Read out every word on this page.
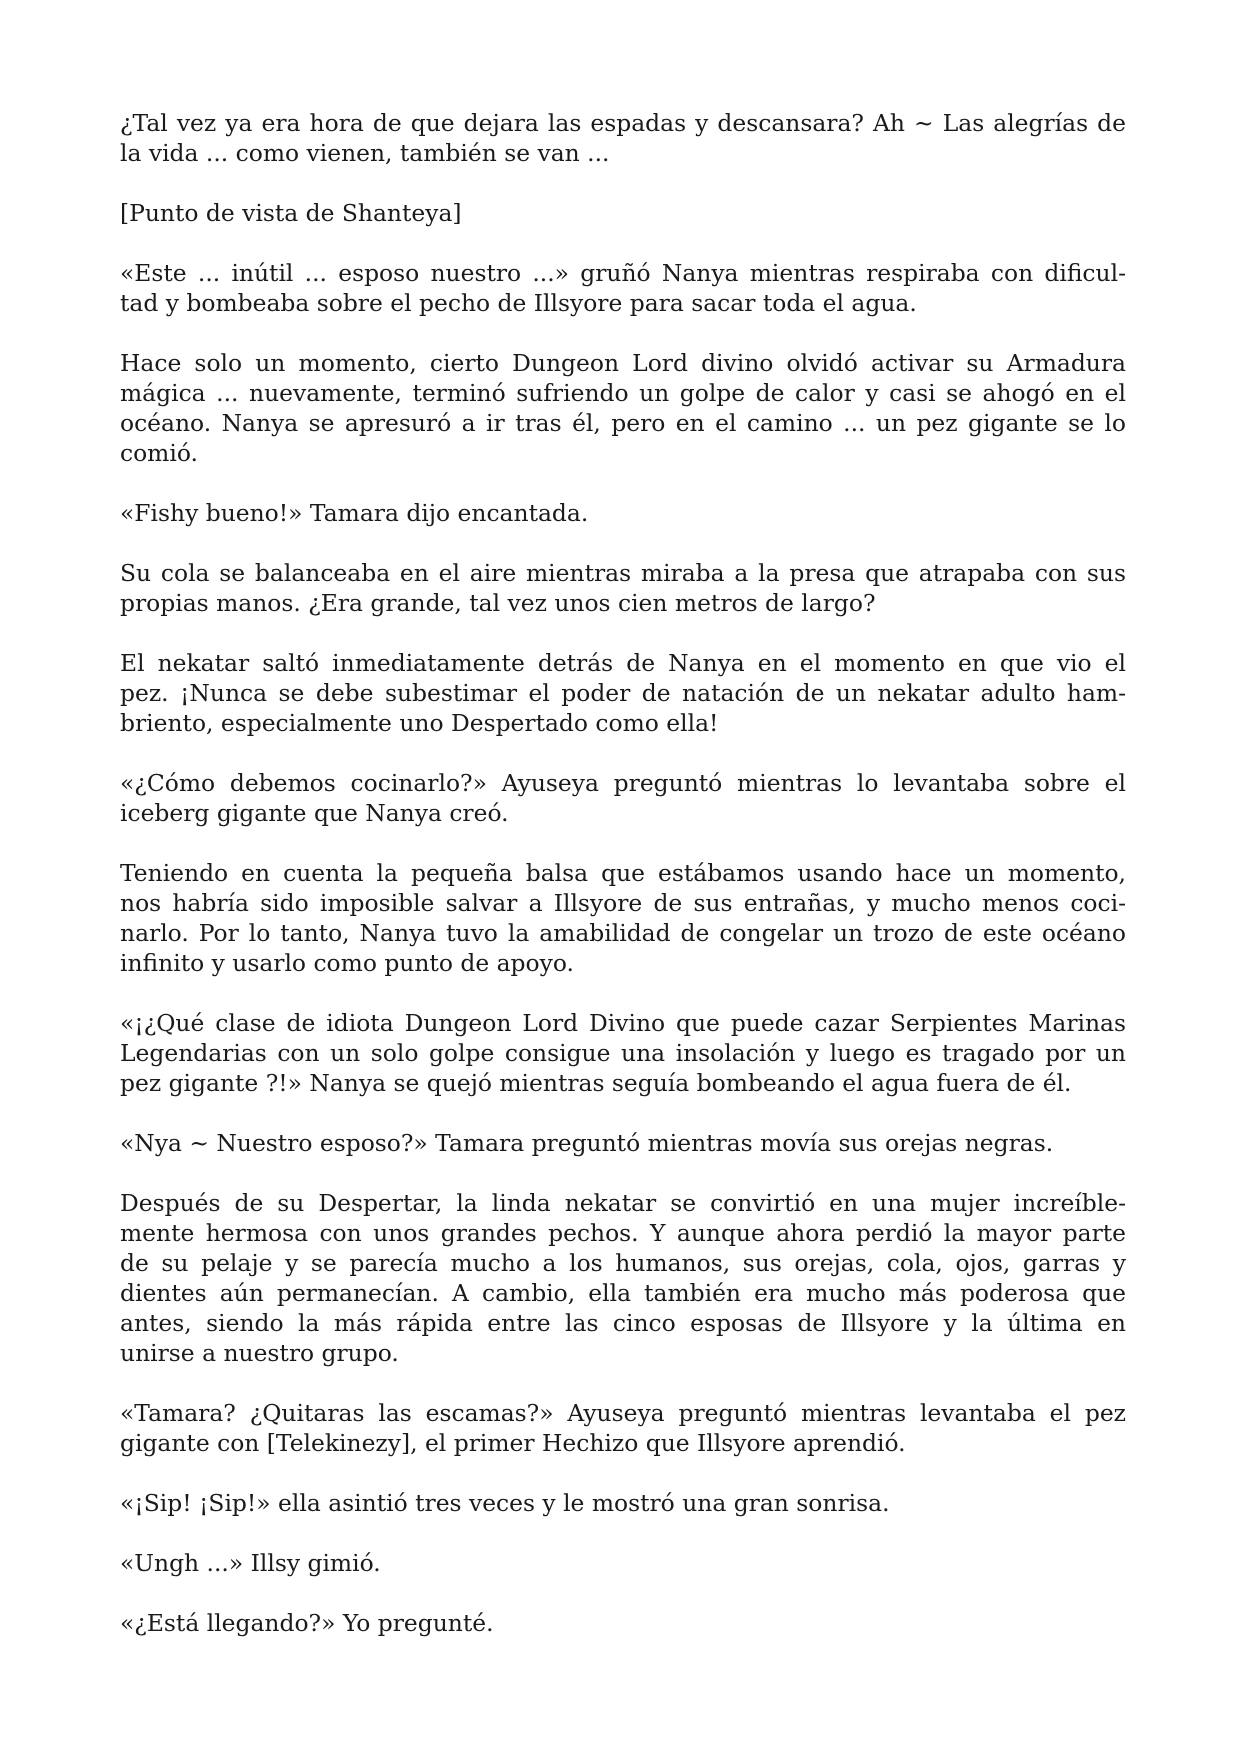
¿Tal vez ya era hora de que dejara las espadas y descansara? Ah ~ Las alegrías de
la vida ... como vienen, también se van ...

[Punto de vista de Shanteya]

«Este ... inútil ... esposo nuestro ...» gruñó Nanya mientras respiraba con dificul-
tad y bombeaba sobre el pecho de Illsyore para sacar toda el agua.

Hace solo un momento, cierto Dungeon Lord divino olvidó activar su Armadura
mágica ... nuevamente, terminó sufriendo un golpe de calor y casi se ahogó en el
océano. Nanya se apresuró a ir tras él, pero en el camino ... un pez gigante se lo
comió.

«Fishy bueno!» Tamara dijo encantada.

Su cola se balanceaba en el aire mientras miraba a la presa que atrapaba con sus
propias manos. ¿Era grande, tal vez unos cien metros de largo?

El nekatar saltó inmediatamente detrás de Nanya en el momento en que vio el
pez. ¡Nunca se debe subestimar el poder de natación de un nekatar adulto ham-
briento, especialmente uno Despertado como ella!

«¿Cómo debemos cocinarlo?» Ayuseya preguntó mientras lo levantaba sobre el
iceberg gigante que Nanya creó.

Teniendo en cuenta la pequeña balsa que estábamos usando hace un momento,
nos habría sido imposible salvar a Illsyore de sus entrañas, y mucho menos coci-
narlo. Por lo tanto, Nanya tuvo la amabilidad de congelar un trozo de este océano
infinito y usarlo como punto de apoyo.

«¡¿Qué clase de idiota Dungeon Lord Divino que puede cazar Serpientes Marinas
Legendarias con un solo golpe consigue una insolación y luego es tragado por un
pez gigante ?!» Nanya se quejó mientras seguía bombeando el agua fuera de él.

«Nya ~ Nuestro esposo?» Tamara preguntó mientras movía sus orejas negras.

Después de su Despertar, la linda nekatar se convirtió en una mujer increíble-
mente hermosa con unos grandes pechos. Y aunque ahora perdió la mayor parte
de su pelaje y se parecía mucho a los humanos, sus orejas, cola, ojos, garras y
dientes aún permanecían. A cambio, ella también era mucho más poderosa que
antes, siendo la más rápida entre las cinco esposas de Illsyore y la última en
unirse a nuestro grupo.

«Tamara? ¿Quitaras las escamas?» Ayuseya preguntó mientras levantaba el pez
gigante con [Telekinezy], el primer Hechizo que Illsyore aprendió.

«¡Sip! ¡Sip!» ella asintió tres veces y le mostró una gran sonrisa.

«Ungh ...» Illsy gimió.

«¿Está llegando?» Yo pregunté.
